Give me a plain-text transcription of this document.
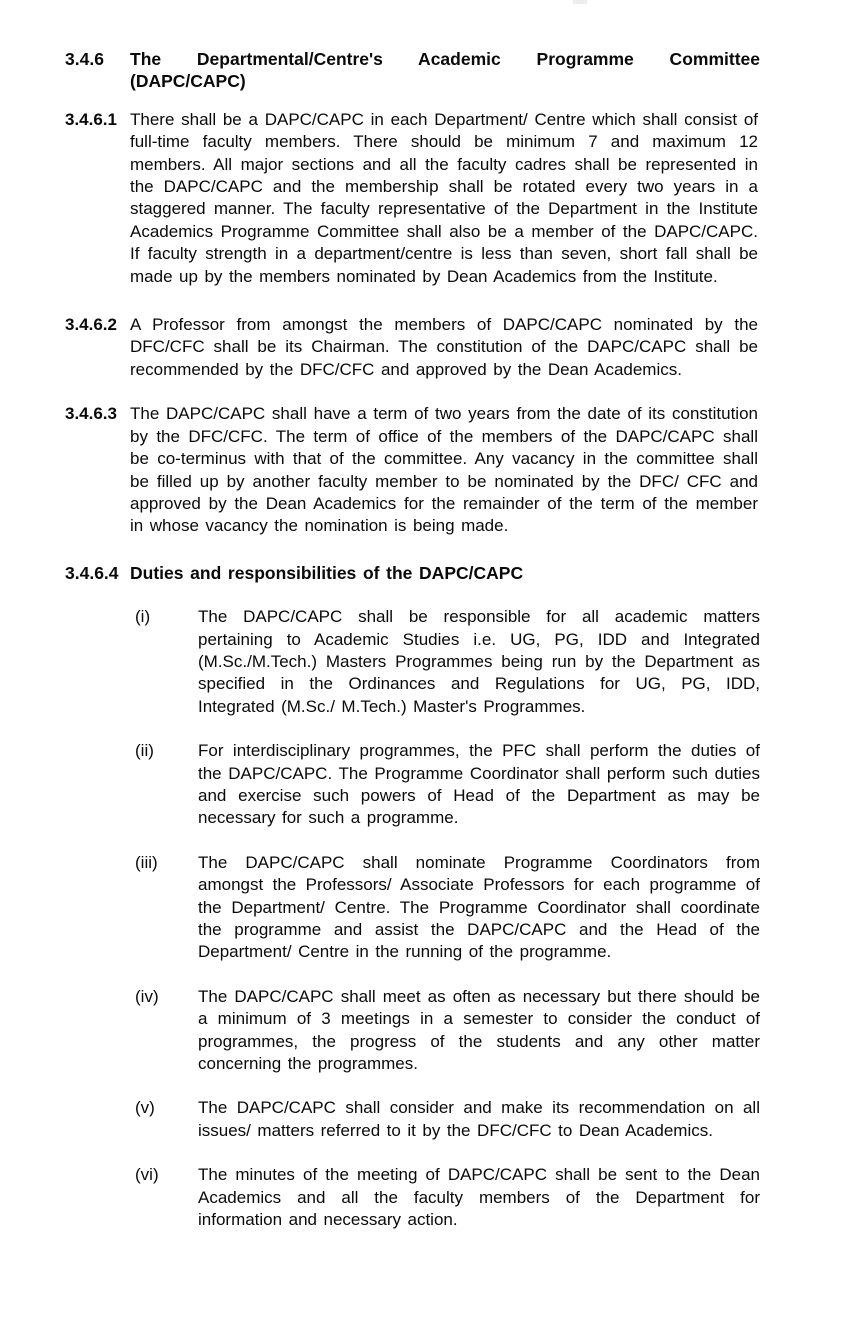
3.4.6 The Departmental/Centre's Academic Programme Committee (DAPC/CAPC)
3.4.6.1 There shall be a DAPC/CAPC in each Department/ Centre which shall consist of full-time faculty members. There should be minimum 7 and maximum 12 members. All major sections and all the faculty cadres shall be represented in the DAPC/CAPC and the membership shall be rotated every two years in a staggered manner. The faculty representative of the Department in the Institute Academics Programme Committee shall also be a member of the DAPC/CAPC. If faculty strength in a department/centre is less than seven, short fall shall be made up by the members nominated by Dean Academics from the Institute.
3.4.6.2 A Professor from amongst the members of DAPC/CAPC nominated by the DFC/CFC shall be its Chairman. The constitution of the DAPC/CAPC shall be recommended by the DFC/CFC and approved by the Dean Academics.
3.4.6.3 The DAPC/CAPC shall have a term of two years from the date of its constitution by the DFC/CFC. The term of office of the members of the DAPC/CAPC shall be co-terminus with that of the committee. Any vacancy in the committee shall be filled up by another faculty member to be nominated by the DFC/ CFC and approved by the Dean Academics for the remainder of the term of the member in whose vacancy the nomination is being made.
3.4.6.4 Duties and responsibilities of the DAPC/CAPC
(i)	The DAPC/CAPC shall be responsible for all academic matters pertaining to Academic Studies i.e. UG, PG, IDD and Integrated (M.Sc./M.Tech.) Masters Programmes being run by the Department as specified in the Ordinances and Regulations for UG, PG, IDD, Integrated (M.Sc./ M.Tech.) Master's Programmes.
(ii)	For interdisciplinary programmes, the PFC shall perform the duties of the DAPC/CAPC. The Programme Coordinator shall perform such duties and exercise such powers of Head of the Department as may be necessary for such a programme.
(iii) The DAPC/CAPC shall nominate Programme Coordinators from amongst the Professors/ Associate Professors for each programme of the Department/ Centre. The Programme Coordinator shall coordinate the programme and assist the DAPC/CAPC and the Head of the Department/ Centre in the running of the programme.
(iv) The DAPC/CAPC shall meet as often as necessary but there should be a minimum of 3 meetings in a semester to consider the conduct of programmes, the progress of the students and any other matter concerning the programmes.
(v)	The DAPC/CAPC shall consider and make its recommendation on all issues/ matters referred to it by the DFC/CFC to Dean Academics.
(vi) The minutes of the meeting of DAPC/CAPC shall be sent to the Dean Academics and all the faculty members of the Department for information and necessary action.
